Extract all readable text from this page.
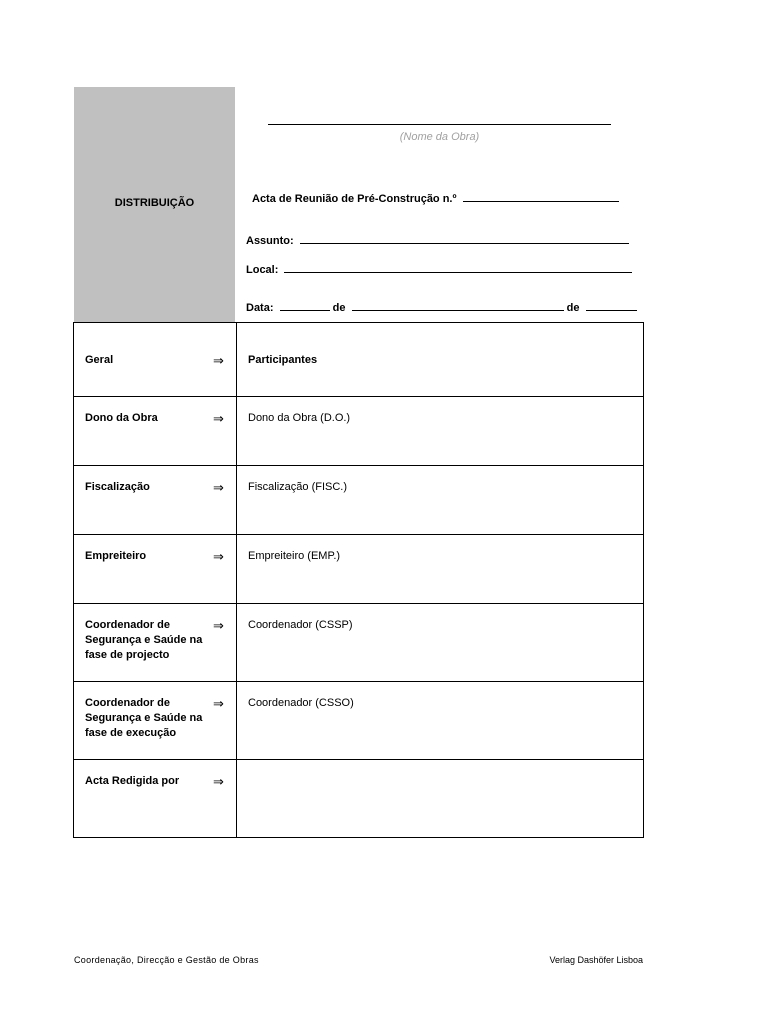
DISTRIBUIÇÃO
(Nome da Obra)
Acta de Reunião de Pré-Construção n.º
Assunto:
Local:
Data:	de	de
Geral	⇒	Participantes

Dono da Obra	⇒	Dono da Obra (D.O.)

Fiscalização	⇒	Fiscalização (FISC.)

Empreiteiro	⇒	Empreiteiro (EMP.)

Coordenador de Segurança e Saúde na fase de projecto	⇒	Coordenador (CSSP)

Coordenador de Segurança e Saúde na fase de execução	⇒	Coordenador (CSSO)

Acta Redigida por	⇒	

Coordenação, Direcção e Gestão de Obras	Verlag Dashöfer Lisboa
